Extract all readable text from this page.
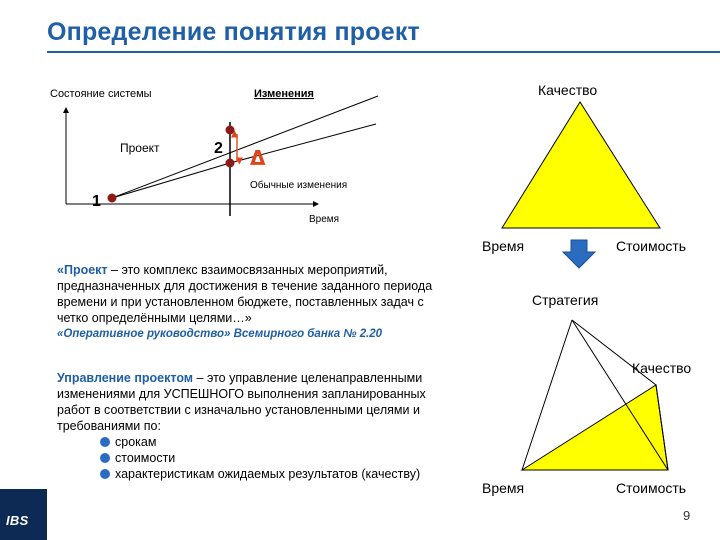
Определение понятия проект
Состояние системы	Изменения
Проект
1
2 Δ
Обычные изменения
Время
Качество
Время	Стоимость
Стратегия
Качество
Время	Стоимость
«Проект – это комплекс взаимосвязанных мероприятий,
предназначенных для достижения в течение заданного периода
времени и при установленном бюджете, поставленных задач с
четко определёнными целями…»
«Оперативное руководство» Всемирного банка № 2.20
Управление проектом – это управление целенаправленными
изменениями для УСПЕШНОГО выполнения запланированных
работ в соответствии с изначально установленными целями и
требованиями по:
срокам
стоимости
характеристикам ожидаемых результатов (качеству)
IBS	9
